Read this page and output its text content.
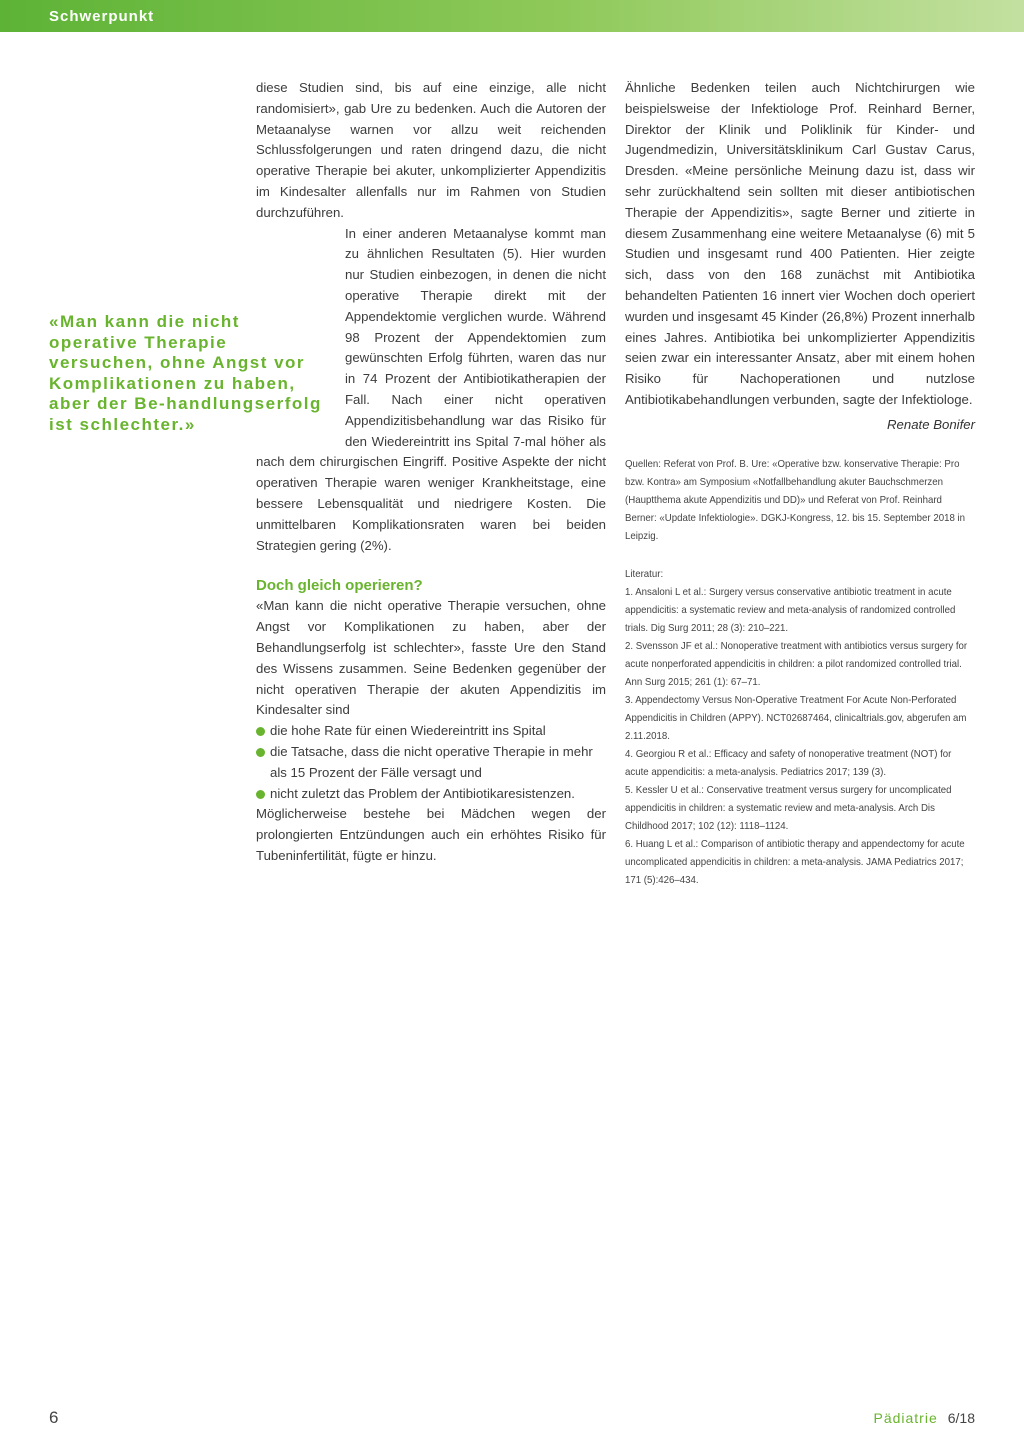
Schwerpunkt
«Man kann die nicht operative Therapie versuchen, ohne Angst vor Komplikationen zu haben, aber der Be-handlungserfolg ist schlechter.»

diese Studien sind, bis auf eine einzige, alle nicht randomisiert», gab Ure zu bedenken. Auch die Autoren der Metaanalyse warnen vor allzu weit reichenden Schlussfolgerungen und raten dringend dazu, die nicht operative Therapie bei akuter, unkomplizierter Appendizitis im Kindesalter allenfalls nur im Rahmen von Studien durchzuführen.

In einer anderen Metaanalyse kommt man zu ähnlichen Resultaten (5). Hier wurden nur Studien einbezogen, in denen die nicht operative Therapie direkt mit der Appendektomie verglichen wurde. Während 98 Prozent der Appendektomien zum gewünschten Erfolg führten, waren das nur in 74 Prozent der Antibiotikatherapien der Fall. Nach einer nicht operativen Appendizitisbehandlung war das Risiko für den Wiedereintritt ins Spital 7-mal höher als nach dem chirurgischen Eingriff. Positive Aspekte der nicht operativen Therapie waren weniger Krankheitstage, eine bessere Lebensqualität und niedrigere Kosten. Die unmittelbaren Komplikationsraten waren bei beiden Strategien gering (2%).

Doch gleich operieren?

«Man kann die nicht operative Therapie versuchen, ohne Angst vor Komplikationen zu haben, aber der Behandlungserfolg ist schlechter», fasste Ure den Stand des Wissens zusammen. Seine Bedenken gegenüber der nicht operativen Therapie der akuten Appendizitis im Kindesalter sind

die hohe Rate für einen Wiedereintritt ins Spital
die Tatsache, dass die nicht operative Therapie in mehr als 15 Prozent der Fälle versagt und
nicht zuletzt das Problem der Antibiotikaresistenzen.

Möglicherweise bestehe bei Mädchen wegen der prolongierten Entzündungen auch ein erhöhtes Risiko für Tubeninfertilität, fügte er hinzu.

Ähnliche Bedenken teilen auch Nichtchirurgen wie beispielsweise der Infektiologe Prof. Reinhard Berner, Direktor der Klinik und Poliklinik für Kinder- und Jugendmedizin, Universitätsklinikum Carl Gustav Carus, Dresden. «Meine persönliche Meinung dazu ist, dass wir sehr zurückhaltend sein sollten mit dieser antibiotischen Therapie der Appendizitis», sagte Berner und zitierte in diesem Zusammenhang eine weitere Metaanalyse (6) mit 5 Studien und insgesamt rund 400 Patienten. Hier zeigte sich, dass von den 168 zunächst mit Antibiotika behandelten Patienten 16 innert vier Wochen doch operiert wurden und insgesamt 45 Kinder (26,8%) Prozent innerhalb eines Jahres. Antibiotika bei unkomplizierter Appendizitis seien zwar ein interessanter Ansatz, aber mit einem hohen Risiko für Nachoperationen und nutzlose Antibiotikabehandlungen verbunden, sagte der Infektiologe.

Renate Bonifer

Quellen: Referat von Prof. B. Ure: «Operative bzw. konservative Therapie: Pro bzw. Kontra» am Symposium «Notfallbehandlung akuter Bauchschmerzen (Hauptthema akute Appendizitis und DD)» und Referat von Prof. Reinhard Berner: «Update Infektiologie». DGKJ-Kongress, 12. bis 15. September 2018 in Leipzig.

Literatur:

1. Ansaloni L et al.: Surgery versus conservative antibiotic treatment in acute appendicitis: a systematic review and meta-analysis of randomized controlled trials. Dig Surg 2011; 28 (3): 210–221.

2. Svensson JF et al.: Nonoperative treatment with antibiotics versus surgery for acute nonperforated appendicitis in children: a pilot randomized controlled trial. Ann Surg 2015; 261 (1): 67–71.

3. Appendectomy Versus Non-Operative Treatment For Acute Non-Perforated Appendicitis in Children (APPY). NCT02687464, clinicaltrials.gov, abgerufen am 2.11.2018.

4. Georgiou R et al.: Efficacy and safety of nonoperative treatment (NOT) for acute appendicitis: a meta-analysis. Pediatrics 2017; 139 (3).

5. Kessler U et al.: Conservative treatment versus surgery for uncomplicated appendicitis in children: a systematic review and meta-analysis. Arch Dis Childhood 2017; 102 (12): 1118–1124.

6. Huang L et al.: Comparison of antibiotic therapy and appendectomy for acute uncomplicated appendicitis in children: a meta-analysis. JAMA Pediatrics 2017; 171 (5):426–434.

6	Pädiatrie 6/18
